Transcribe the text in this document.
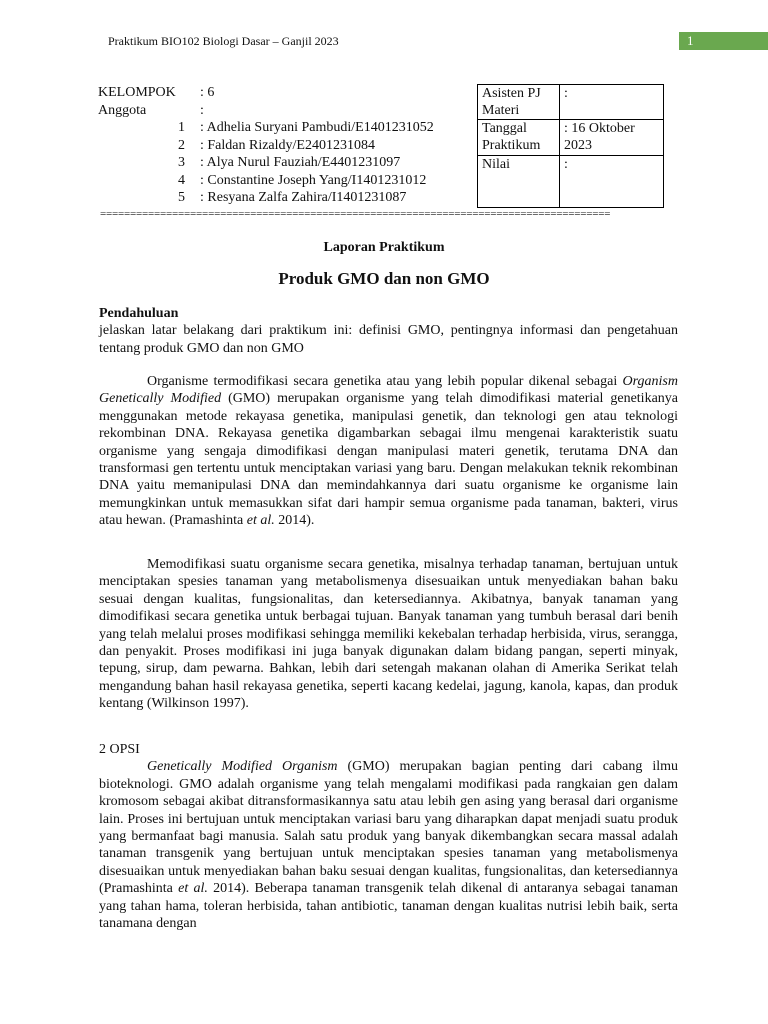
Praktikum BIO102 Biologi Dasar – Ganjil 2023	1
KELOMPOK : 6
Anggota	:
1 : Adhelia Suryani Pambudi/E1401231052
2 : Faldan Rizaldy/E2401231084
3 : Alya Nurul Fauziah/E4401231097
4 : Constantine Joseph Yang/I1401231012
5 : Resyana Zalfa Zahira/I1401231087
Asisten PJ Materi	:
Tanggal Praktikum	: 16 Oktober 2023
Nilai	:
=====================================================================================
Laporan Praktikum
Produk GMO dan non GMO

Pendahuluan

jelaskan latar belakang dari praktikum ini: definisi GMO, pentingnya informasi dan pengetahuan tentang produk GMO dan non GMO

Organisme termodifikasi secara genetika atau yang lebih popular dikenal sebagai Organism Genetically Modified (GMO) merupakan organisme yang telah dimodifikasi material genetikanya menggunakan metode rekayasa genetika, manipulasi genetik, dan teknologi gen atau teknologi rekombinan DNA. Rekayasa genetika digambarkan sebagai ilmu mengenai karakteristik suatu organisme yang sengaja dimodifikasi dengan manipulasi materi genetik, terutama DNA dan transformasi gen tertentu untuk menciptakan variasi yang baru. Dengan melakukan teknik rekombinan DNA yaitu memanipulasi DNA dan memindahkannya dari suatu organisme ke organisme lain memungkinkan untuk memasukkan sifat dari hampir semua organisme pada tanaman, bakteri, virus atau hewan. (Pramashinta et al. 2014).

Memodifikasi suatu organisme secara genetika, misalnya terhadap tanaman, bertujuan untuk menciptakan spesies tanaman yang metabolismenya disesuaikan untuk menyediakan bahan baku sesuai dengan kualitas, fungsionalitas, dan ketersediannya. Akibatnya, banyak tanaman yang dimodifikasi secara genetika untuk berbagai tujuan. Banyak tanaman yang tumbuh berasal dari benih yang telah melalui proses modifikasi sehingga memiliki kekebalan terhadap herbisida, virus, serangga, dan penyakit. Proses modifikasi ini juga banyak digunakan dalam bidang pangan, seperti minyak, tepung, sirup, dam pewarna. Bahkan, lebih dari setengah makanan olahan di Amerika Serikat telah mengandung bahan hasil rekayasa genetika, seperti kacang kedelai, jagung, kanola, kapas, dan produk kentang (Wilkinson 1997).

2 OPSI

Genetically Modified Organism (GMO) merupakan bagian penting dari cabang ilmu bioteknologi. GMO adalah organisme yang telah mengalami modifikasi pada rangkaian gen dalam kromosom sebagai akibat ditransformasikannya satu atau lebih gen asing yang berasal dari organisme lain. Proses ini bertujuan untuk menciptakan variasi baru yang diharapkan dapat menjadi suatu produk yang bermanfaat bagi manusia. Salah satu produk yang banyak dikembangkan secara massal adalah tanaman transgenik yang bertujuan untuk menciptakan spesies tanaman yang metabolismenya disesuaikan untuk menyediakan bahan baku sesuai dengan kualitas, fungsionalitas, dan ketersediannya (Pramashinta et al. 2014). Beberapa tanaman transgenik telah dikenal di antaranya sebagai tanaman yang tahan hama, toleran herbisida, tahan antibiotic, tanaman dengan kualitas nutrisi lebih baik, serta tanamana dengan
